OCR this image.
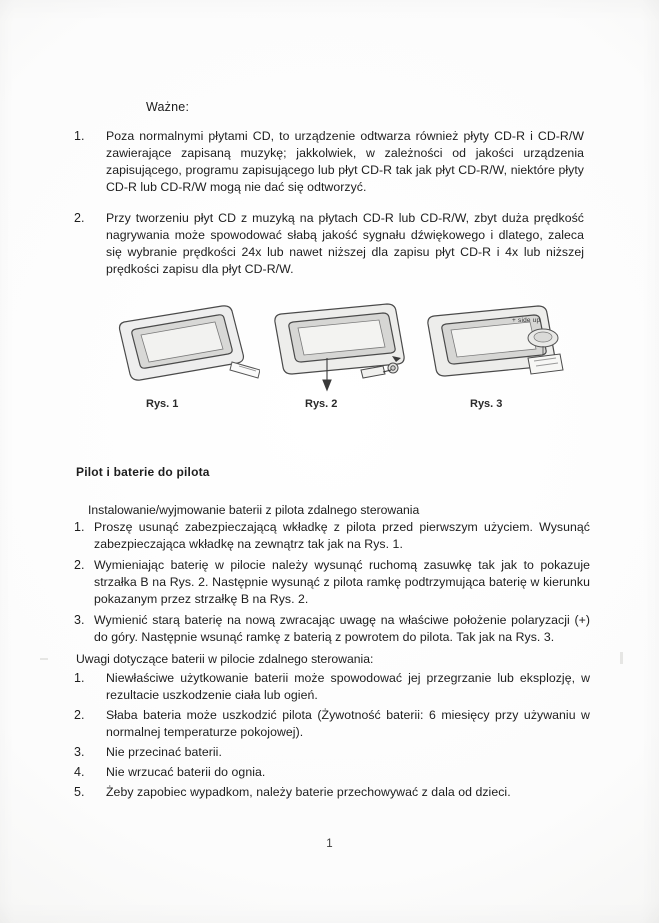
Ważne:
1.	Poza normalnymi płytami CD, to urządzenie odtwarza również płyty CD-R i CD-R/W zawierające zapisaną muzykę; jakkolwiek, w zależności od jakości urządzenia zapisującego, programu zapisującego lub płyt CD-R tak jak płyt CD-R/W, niektóre płyty CD-R lub CD-R/W mogą nie dać się odtworzyć.
2.	Przy tworzeniu płyt CD z muzyką na płytach CD-R lub CD-R/W, zbyt duża prędkość nagrywania może spowodować słabą jakość sygnału dźwiękowego i dlatego, zaleca się wybranie prędkości 24x lub nawet niższej dla zapisu płyt CD-R i 4x lub niższej prędkości zapisu dla płyt CD-R/W.
+ side up
Rys. 1	Rys. 2	Rys. 3
Pilot i baterie do pilota
Instalowanie/wyjmowanie baterii z pilota zdalnego sterowania
1. Proszę usunąć zabezpieczającą wkładkę z pilota przed pierwszym użyciem. Wysunąć zabezpieczająca wkładkę na zewnątrz tak jak na Rys. 1.
2. Wymieniając baterię w pilocie należy wysunąć ruchomą zasuwkę tak jak to pokazuje strzałka B na Rys. 2. Następnie wysunąć z pilota ramkę podtrzymująca baterię w kierunku pokazanym przez strzałkę B na Rys. 2.
3. Wymienić starą baterię na nową zwracając uwagę na właściwe położenie polaryzacji (+) do góry. Następnie wsunąć ramkę z baterią z powrotem do pilota. Tak jak na Rys. 3.
Uwagi dotyczące baterii w pilocie zdalnego sterowania:
1.	Niewłaściwe użytkowanie baterii może spowodować jej przegrzanie lub eksplozję, w rezultacie uszkodzenie ciała lub ogień.
2.	Słaba bateria może uszkodzić pilota (Żywotność baterii: 6 miesięcy przy używaniu w normalnej temperaturze pokojowej).
3.	Nie przecinać baterii.
4.	Nie wrzucać baterii do ognia.
5.	Żeby zapobiec wypadkom, należy baterie przechowywać z dala od dzieci.
1
